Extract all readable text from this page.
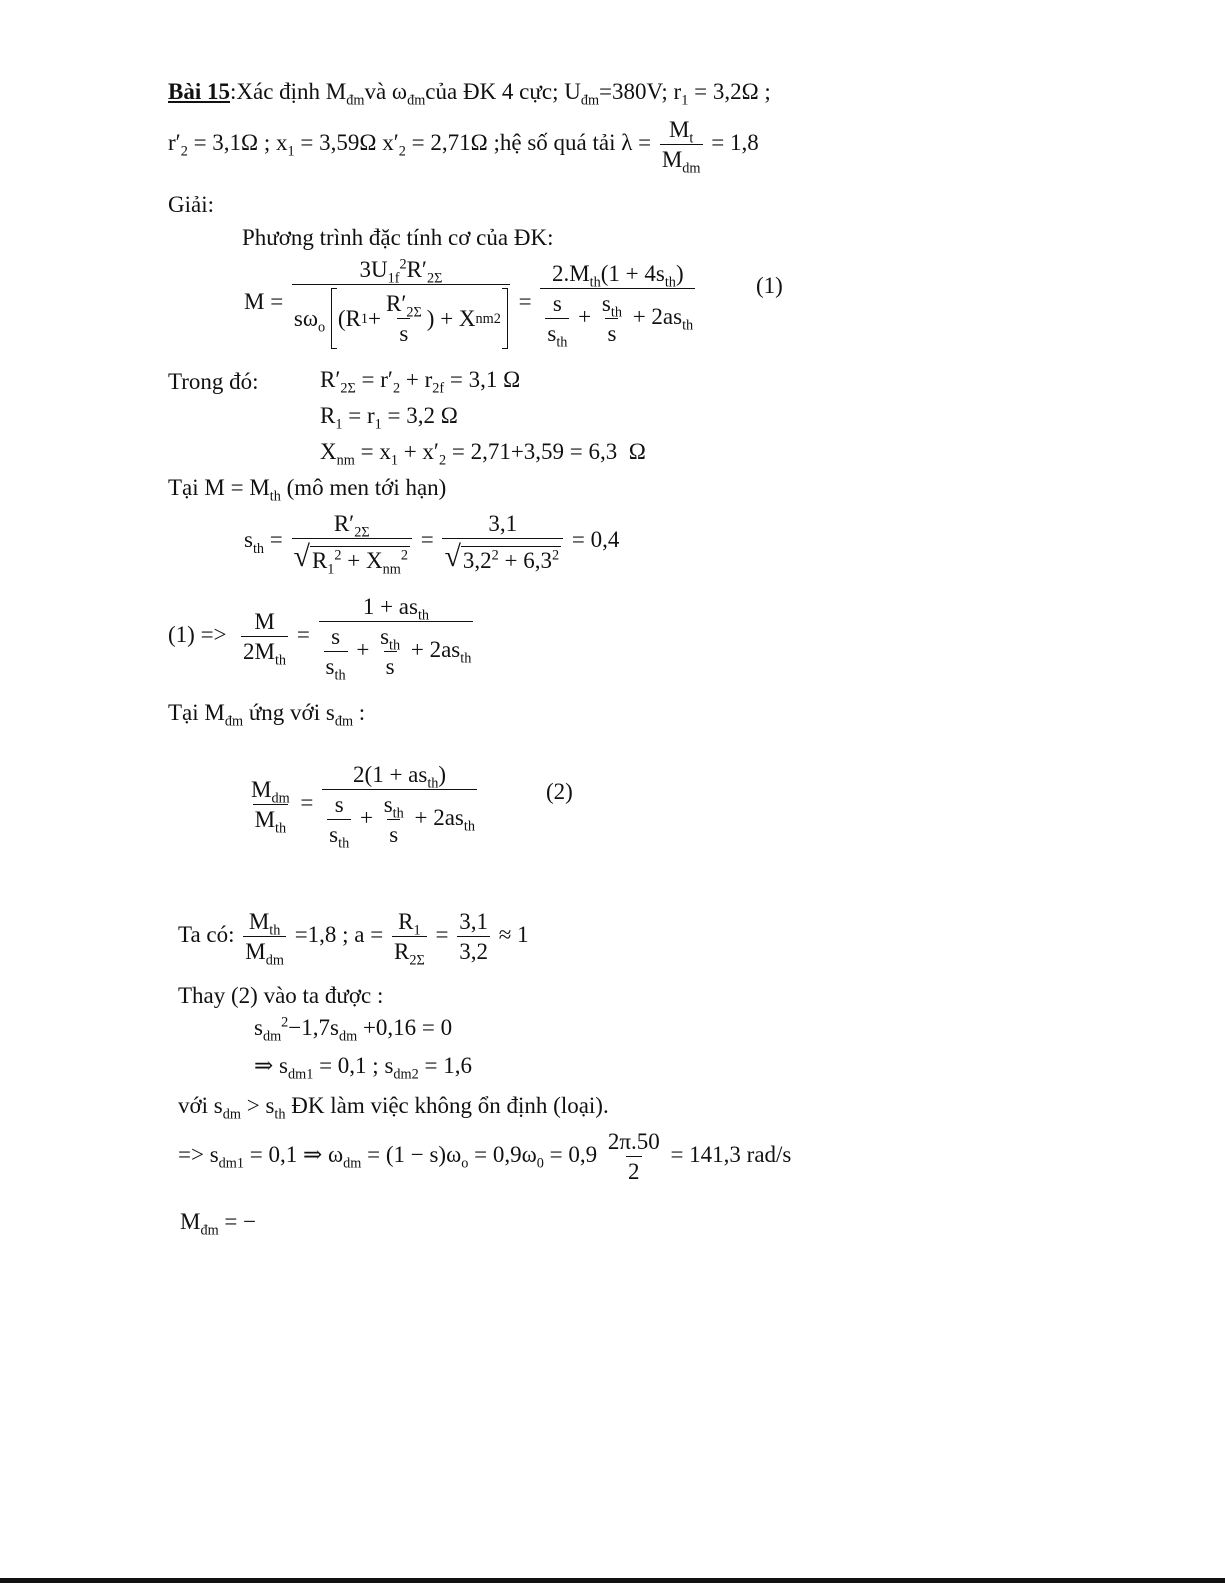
Bài 15:Xác định $M_{đm}và$ $\omega_{đm}của$ ĐK 4 cực; $U_{đm}=380V$; $r_1 = 3,2\Omega$ ;
$r'_2 = 3,1\Omega$ ; $x_1 = 3,59\Omega$ $x'_2 = 2,71\Omega$ ;hệ số quá tải $\lambda = \frac{M_t}{M_{dm}} = 1,8$
Giải:
Phương trình đặc tính cơ của ĐK:
$M = \frac{3U_{1f}^2R'_{2\Sigma}}{s\omega_o (R 1 + \frac{R'_{2\Sigma}}{s} ) + X nm 2} = \frac{2.M_{th}(1 + 4s_{th})}{\frac{s}{s_{th}} + \frac{s_{th}}{s} + 2as_{th}}$	(1)
Trong đó:	$R'_{2\Sigma} = r'_2 + r_{2f} = 3,1$ Ω
$R_1 = r_1 = 3,2$ Ω
$X_{nm} = x_1 + x'_2 = 2,71+3,59 = 6,3$  Ω
Tại $M = M_{th}$ (mô men tới hạn)
$s_{th} = \frac{R'_{2\Sigma}}{√ R_1^2 + X_{nm}^2} = \frac{3,1}{√ 3,2^2 + 6,3^2} = 0,4$
$(1) => \frac{M}{2M_{th}} = \frac{1 + as_{th}}{\frac{s}{s_{th}} + \frac{s_{th}}{s} + 2as_{th}}$
Tại $M_{đm}$ ứng với $s_{đm}$ :
$\frac{M_{dm}}{M_{th}} = \frac{2(1 + as_{th})}{\frac{s}{s_{th}} + \frac{s_{th}}{s} + 2as_{th}}$	(2)
Ta có: $\frac{M_{th}}{M_{dm}} =1,8$ ; $a = \frac{R_1}{R_{2\Sigma}} = \frac{3,1}{3,2} \approx 1$
Thay (2) vào ta được :
$s_{dm}^2-1,7s_{dm} +0,16 = 0$
⇒ $s_{dm1} = 0,1$ ; $s_{dm2} = 1,6$
với $s_{dm} > s_{th}$ ĐK làm việc không ổn định (loại).
=> $s_{dm1} = 0,1$ ⇒ $\omega_{dm} = (1 - s)\omega_o = 0,9\omega_0 = 0,9 \frac{2\pi.50}{2} = 141,3$ rad/s
$M_{đm}$ = −
